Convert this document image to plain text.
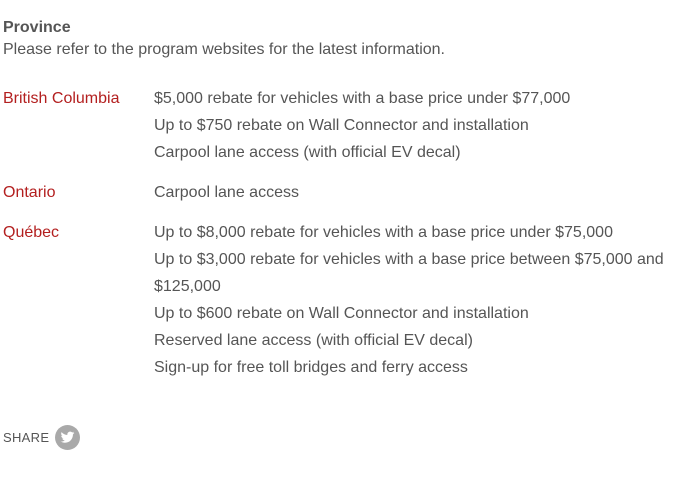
Province

Please refer to the program websites for the latest information.

British Columbia	$5,000 rebate for vehicles with a base price under $77,000
Up to $750 rebate on Wall Connector and installation
Carpool lane access (with official EV decal)
Ontario	Carpool lane access
Québec	Up to $8,000 rebate for vehicles with a base price under $75,000
Up to $3,000 rebate for vehicles with a base price between $75,000 and $125,000
Up to $600 rebate on Wall Connector and installation
Reserved lane access (with official EV decal)
Sign-up for free toll bridges and ferry access
SHARE
